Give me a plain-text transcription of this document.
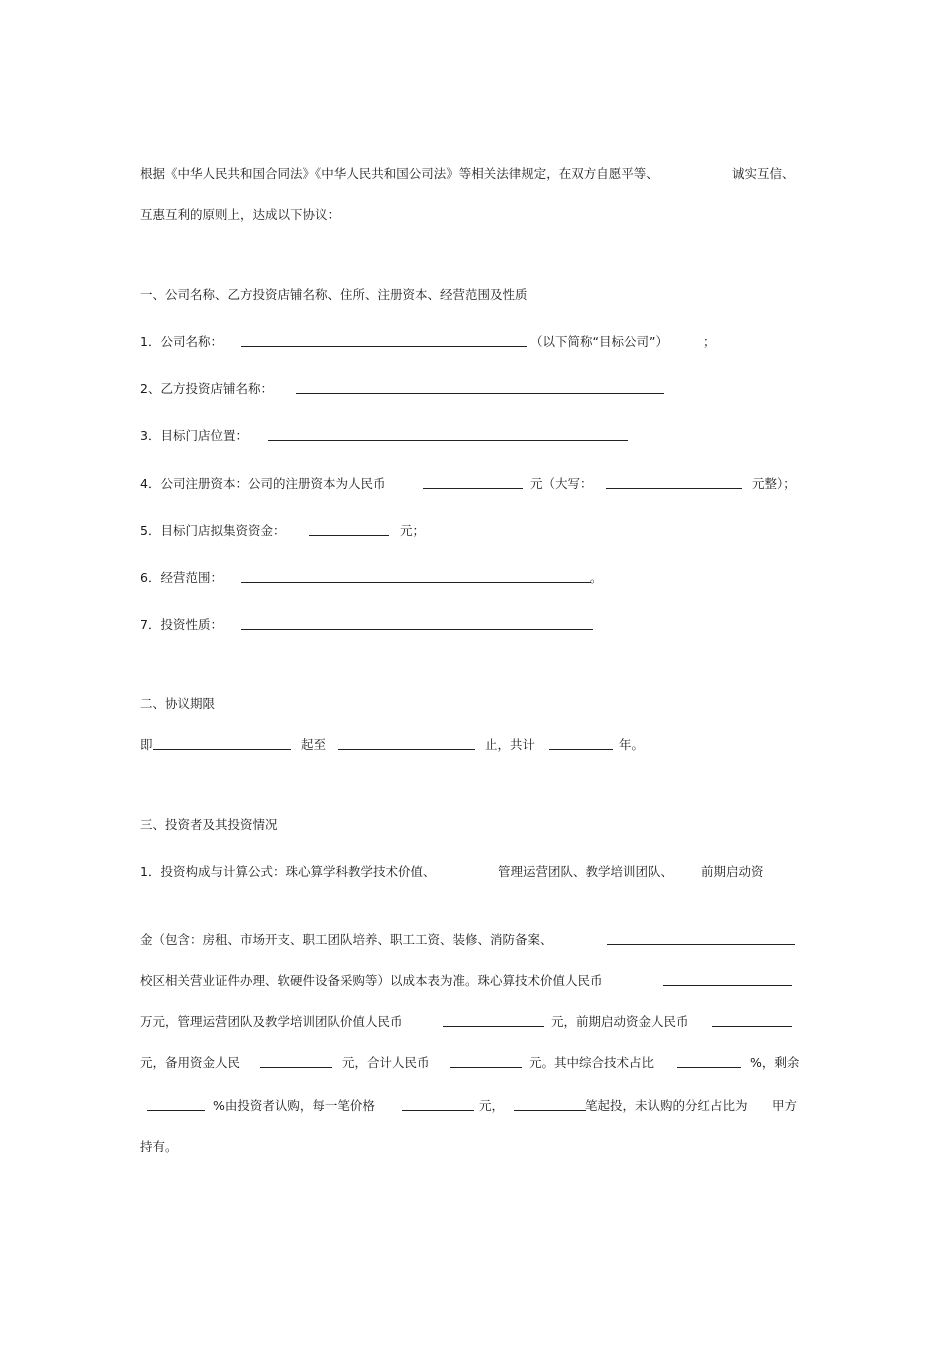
根据《中华人民共和国合同法》《中华人民共和国公司法》等相关法律规定，在双方自愿平等、	诚实互信、
互惠互利的原则上，达成以下协议：
一、公司名称、乙方投资店铺名称、住所、注册资本、经营范围及性质
1．公司名称：	（以下简称“目标公司”）	；
2、乙方投资店铺名称：
3．目标门店位置：
4．公司注册资本：公司的注册资本为人民币	元（大写：	元整）；
5．目标门店拟集资资金：	元；
6．经营范围：	。
7．投资性质：
二、协议期限
即	起至	止，共计	年。
三、投资者及其投资情况
1．投资构成与计算公式：珠心算学科教学技术价值、	管理运营团队、教学培训团队、 前期启动资
金（包含：房租、市场开支、职工团队培养、职工工资、装修、消防备案、
校区相关营业证件办理、软硬件设备采购等）以成本表为准。珠心算技术价值人民币
万元，管理运营团队及教学培训团队价值人民币	元，前期启动资金人民币
元，备用资金人民	元，合计人民币	元。其中综合技术占比	%，剩余
%由投资者认购，每一笔价格	元，	笔起投，未认购的分红占比为 甲方
持有。
